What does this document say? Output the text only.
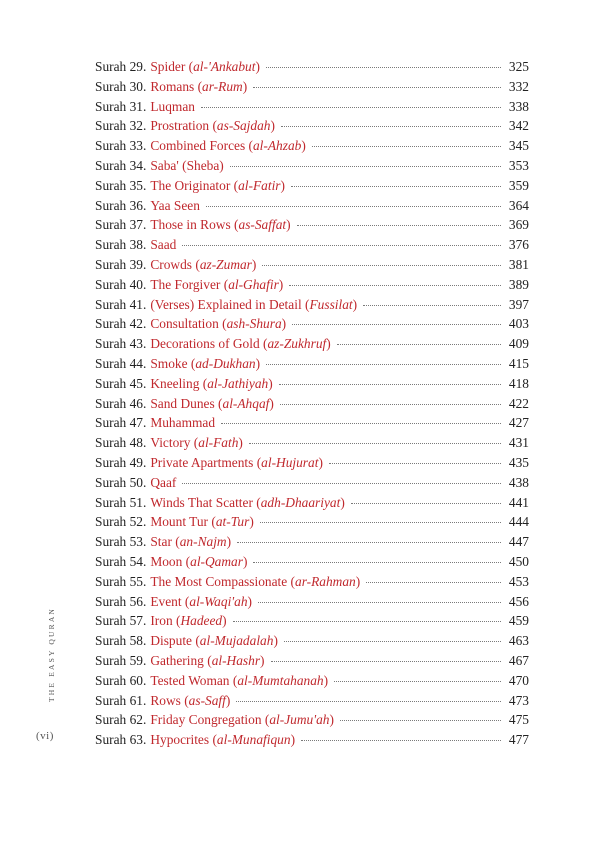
THE EASY QURAN
(vi)
Surah 29. Spider (al-'Ankabut)	325
Surah 30. Romans (ar-Rum)	332
Surah 31. Luqman	338
Surah 32. Prostration (as-Sajdah)	342
Surah 33. Combined Forces (al-Ahzab)	345
Surah 34. Saba' (Sheba)	353
Surah 35. The Originator (al-Fatir)	359
Surah 36. Yaa Seen	364
Surah 37. Those in Rows (as-Saffat)	369
Surah 38. Saad	376
Surah 39. Crowds (az-Zumar)	381
Surah 40. The Forgiver (al-Ghafir)	389
Surah 41. (Verses) Explained in Detail (Fussilat)	397
Surah 42. Consultation (ash-Shura)	403
Surah 43. Decorations of Gold (az-Zukhruf)	409
Surah 44. Smoke (ad-Dukhan)	415
Surah 45. Kneeling (al-Jathiyah)	418
Surah 46. Sand Dunes (al-Ahqaf)	422
Surah 47. Muhammad	427
Surah 48. Victory (al-Fath)	431
Surah 49. Private Apartments (al-Hujurat)	435
Surah 50. Qaaf	438
Surah 51. Winds That Scatter (adh-Dhaariyat)	441
Surah 52. Mount Tur (at-Tur)	444
Surah 53. Star (an-Najm)	447
Surah 54. Moon (al-Qamar)	450
Surah 55. The Most Compassionate (ar-Rahman)	453
Surah 56. Event (al-Waqi'ah)	456
Surah 57. Iron (Hadeed)	459
Surah 58. Dispute (al-Mujadalah)	463
Surah 59. Gathering (al-Hashr)	467
Surah 60. Tested Woman (al-Mumtahanah)	470
Surah 61. Rows (as-Saff)	473
Surah 62. Friday Congregation (al-Jumu'ah)	475
Surah 63. Hypocrites (al-Munafiqun)	477
